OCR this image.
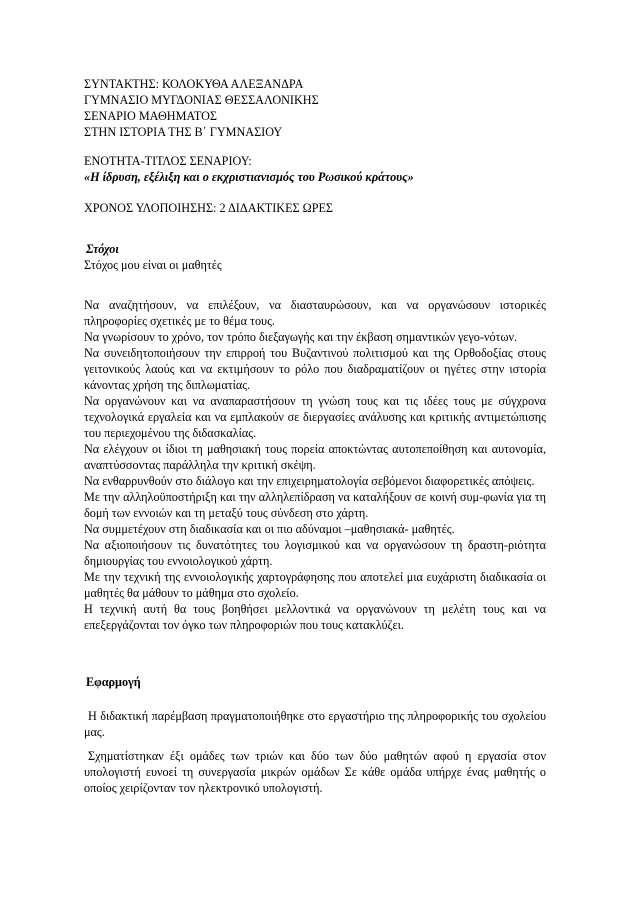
ΣΥΝΤΑΚΤΗΣ: ΚΟΛΟΚΥΘΑ ΑΛΕΞΑΝΔΡΑ
ΓΥΜΝΑΣΙΟ ΜΥΓΔΟΝΙΑΣ ΘΕΣΣΑΛΟΝΙΚΗΣ
ΣΕΝΑΡΙΟ ΜΑΘΗΜΑΤΟΣ
ΣΤΗΝ ΙΣΤΟΡΙΑ ΤΗΣ Β΄ ΓΥΜΝΑΣΙΟΥ
ΕΝΟΤΗΤΑ-ΤΙΤΛΟΣ ΣΕΝΑΡΙΟΥ:
«Η ίδρυση, εξέλιξη και ο εκχριστιανισμός του Ρωσικού κράτους»
ΧΡΟΝΟΣ ΥΛΟΠΟΙΗΣΗΣ: 2 ΔΙΔΑΚΤΙΚΕΣ ΩΡΕΣ
Στόχοι
Στόχος μου είναι οι μαθητές

Να αναζητήσουν, να επιλέξουν, να διασταυρώσουν, και να οργανώσουν ιστορικές πληροφορίες σχετικές με το θέμα τους.

Να γνωρίσουν το χρόνο, τον τρόπο διεξαγωγής και την έκβαση σημαντικών γεγο-νότων.

Να συνειδητοποιήσουν την επιρροή του Βυζαντινού πολιτισμού και της Ορθοδοξίας στους γειτονικούς λαούς και να εκτιμήσουν το ρόλο που διαδραματίζουν οι ηγέτες στην ιστορία κάνοντας χρήση της διπλωματίας.

Να οργανώνουν και να αναπαραστήσουν τη γνώση τους και τις ιδέες τους με σύγχρονα τεχνολογικά εργαλεία και να εμπλακούν σε διεργασίες ανάλυσης και κριτικής αντιμετώπισης του περιεχομένου της διδασκαλίας.

Να ελέγχουν οι ίδιοι τη μαθησιακή τους πορεία αποκτώντας αυτοπεποίθηση και αυτονομία, αναπτύσσοντας παράλληλα την κριτική σκέψη.

Να ενθαρρυνθούν στο διάλογο και την επιχειρηματολογία σεβόμενοι διαφορετικές απόψεις.

Με την αλληλοϋποστήριξη και την αλληλεπίδραση να καταλήξουν σε κοινή συμ-φωνία για τη δομή των εννοιών και τη μεταξύ τους σύνδεση στο χάρτη.

Να συμμετέχουν στη διαδικασία και οι πιο αδύναμοι –μαθησιακά- μαθητές.

Να αξιοποιήσουν τις δυνατότητες του λογισμικού και να οργανώσουν τη δραστη-ριότητα δημιουργίας του εννοιολογικού χάρτη.

Με την τεχνική της εννοιολογικής χαρτογράφησης που αποτελεί μια ευχάριστη διαδικασία οι μαθητές θα μάθουν το μάθημα στο σχολείο.

Η τεχνική αυτή θα τους βοηθήσει μελλοντικά να οργανώνουν τη μελέτη τους και να επεξεργάζονται τον όγκο των πληροφοριών που τους κατακλύζει.

Εφαρμογή

Η διδακτική παρέμβαση πραγματοποιήθηκε στο εργαστήριο της πληροφορικής του σχολείου μας.

Σχηματίστηκαν έξι ομάδες των τριών και δύο των δύο μαθητών αφού η εργασία στον υπολογιστή ευνοεί τη συνεργασία μικρών ομάδων Σε κάθε ομάδα υπήρχε ένας μαθητής ο οποίος χειρίζονταν τον ηλεκτρονικό υπολογιστή.
